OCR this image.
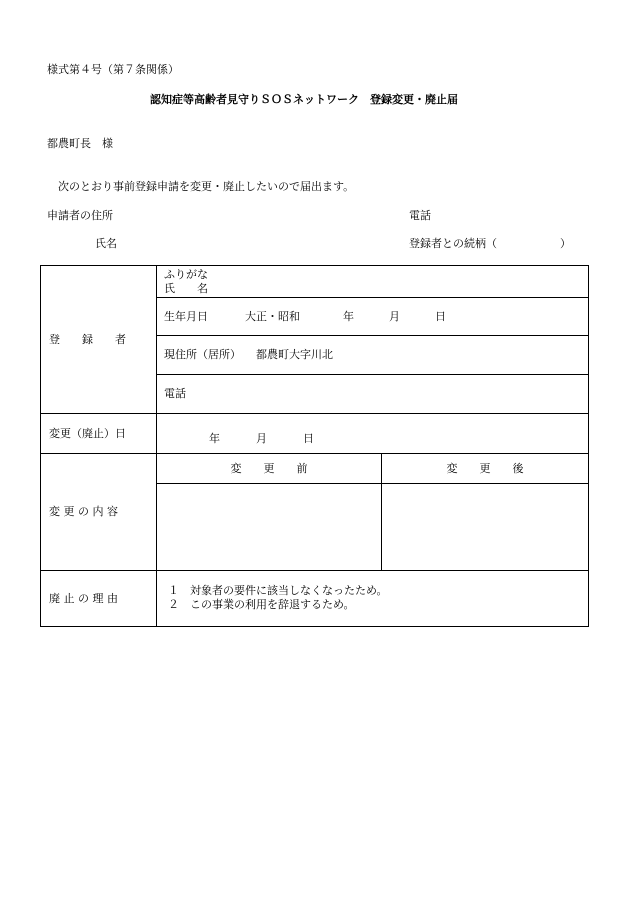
様式第４号（第７条関係）
認知症等高齢者見守りＳＯＳネットワーク　登録変更・廃止届
都農町長　様
次のとおり事前登録申請を変更・廃止したいので届出ます。
申請者の住所	電話
氏名	登録者との続柄（	）
登　　録　　者	ふりがな
氏　　名	

	生年月日 大正・昭和 年 月 日	
	現住所（居所） 都農町大字川北	
	電話	
変更（廃止）日	年 月 日	

変 更 の 内 容	変　　更　　前	変　　更　　後

廃 止 の 理 由	１　対象者の要件に該当しなくなったため。
２　この事業の利用を辞退するため。	
